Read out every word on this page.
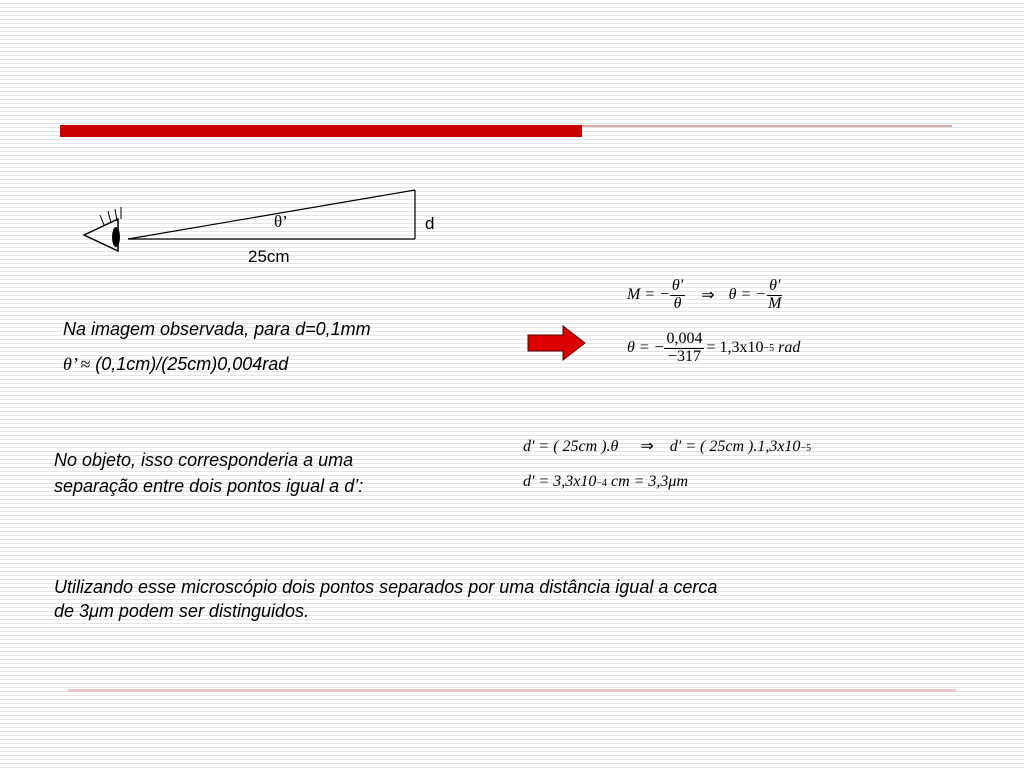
θ’	d
25cm
Na imagem observada, para d=0,1mm
θ’ ≈ (0,1cm)/(25cm)0,004rad
M = − $\frac{\theta'}{\theta}$ ⇒ θ = − $\frac{\theta'}{M}$
θ = − $\frac{0,004}{-317} = 1,3x10 -5$ rad
No objeto, isso corresponderia a uma
separação entre dois pontos igual a d’:
d' = ( 25cm ).θ ⇒ d' = ( 25cm ).1,3x10 −5
d' = 3,3x10 −4 cm = 3,3μm
Utilizando esse microscópio dois pontos separados por uma distância igual a cerca
de 3μm podem ser distinguidos.
